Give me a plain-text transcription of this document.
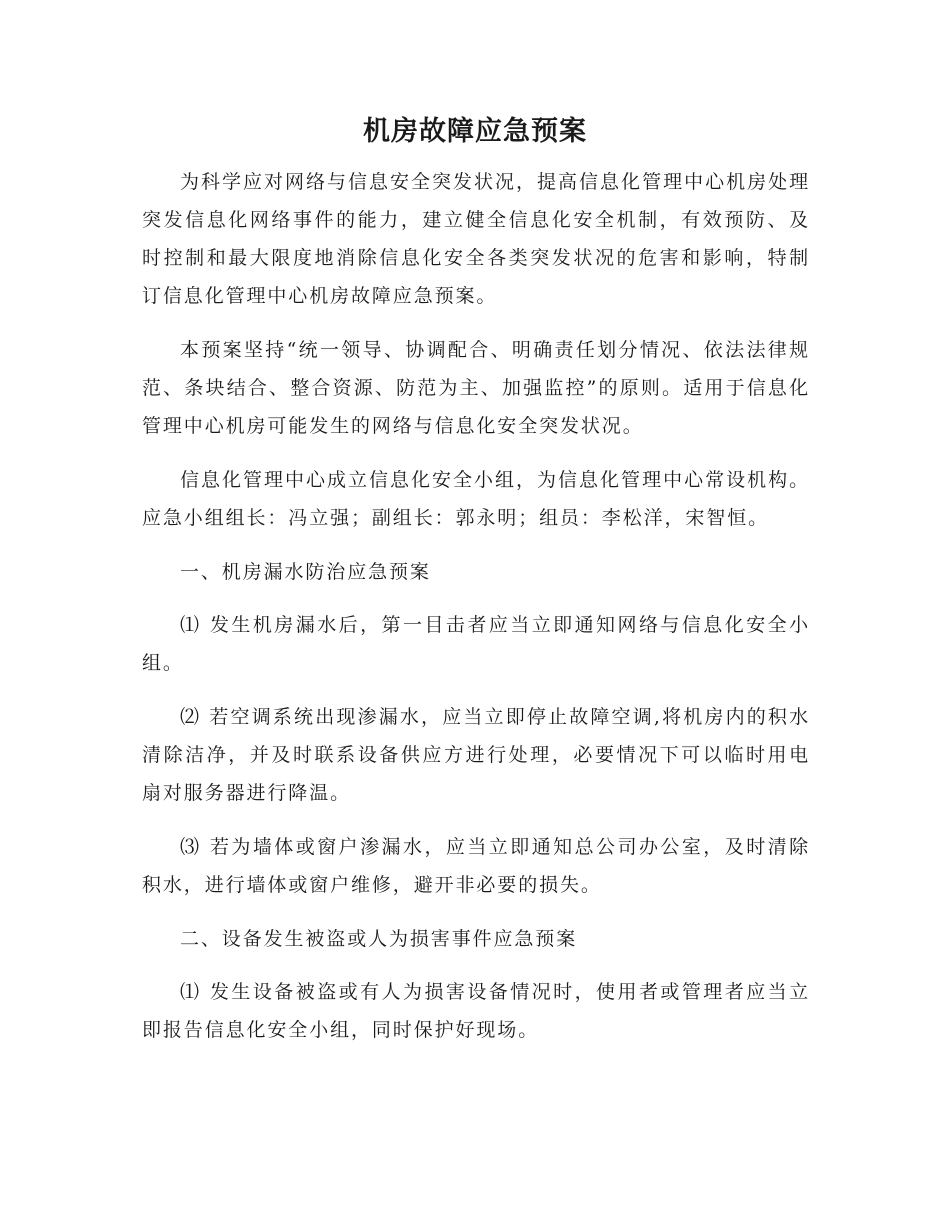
机房故障应急预案

为科学应对网络与信息安全突发状况，提高信息化管理中心机房处理突发信息化网络事件的能力，建立健全信息化安全机制，有效预防、及时控制和最大限度地消除信息化安全各类突发状况的危害和影响，特制订信息化管理中心机房故障应急预案。

本预案坚持“统一领导、协调配合、明确责任划分情况、依法法律规范、条块结合、整合资源、防范为主、加强监控”的原则。适用于信息化管理中心机房可能发生的网络与信息化安全突发状况。

信息化管理中心成立信息化安全小组，为信息化管理中心常设机构。应急小组组长：冯立强；副组长：郭永明；组员：李松洋，宋智恒。

一、机房漏水防治应急预案

⑴ 发生机房漏水后，第一目击者应当立即通知网络与信息化安全小组。

⑵ 若空调系统出现渗漏水，应当立即停止故障空调,将机房内的积水清除洁净，并及时联系设备供应方进行处理，必要情况下可以临时用电扇对服务器进行降温。

⑶ 若为墙体或窗户渗漏水，应当立即通知总公司办公室，及时清除积水，进行墙体或窗户维修，避开非必要的损失。

二、设备发生被盗或人为损害事件应急预案

⑴ 发生设备被盗或有人为损害设备情况时，使用者或管理者应当立即报告信息化安全小组，同时保护好现场。
